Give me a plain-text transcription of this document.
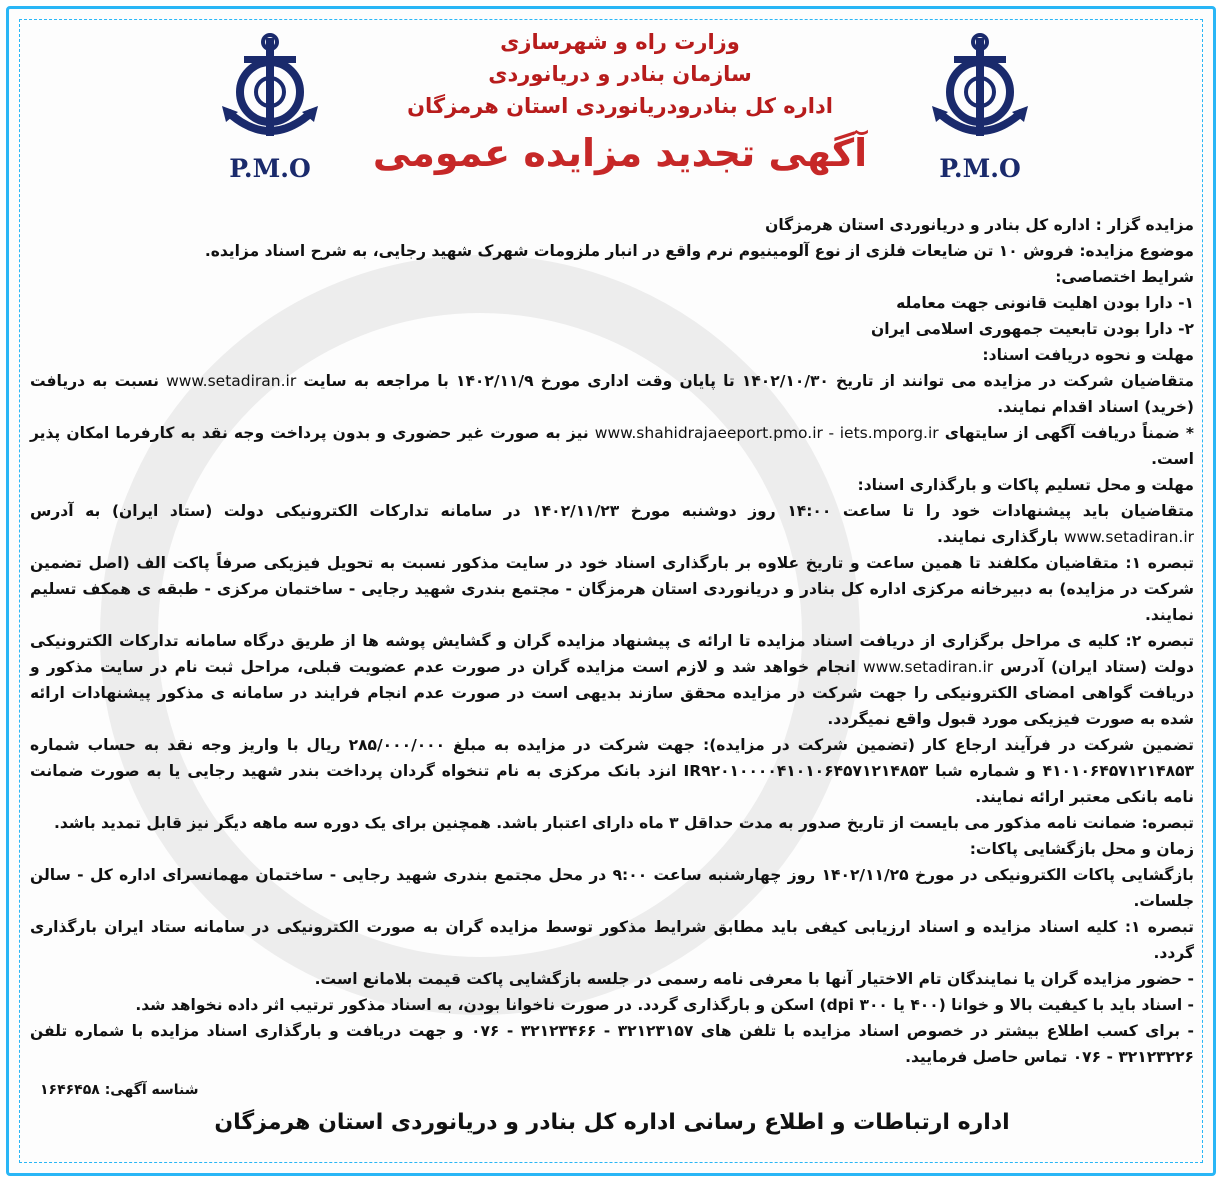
P.M.O	P.M.O
وزارت راه و شهرسازی
سازمان بنادر و دریانوردی
اداره کل بنادرودریانوردی استان هرمزگان
آگهی تجدید مزایده عمومی

مزایده گزار : اداره کل بنادر و دریانوردی استان هرمزگان

موضوع مزایده: فروش ۱۰ تن ضایعات فلزی از نوع آلومینیوم نرم واقع در انبار ملزومات شهرک شهید رجایی، به شرح اسناد مزایده.

شرایط اختصاصی:

۱- دارا بودن اهلیت قانونی جهت معامله

۲- دارا بودن تابعیت جمهوری اسلامی ایران

مهلت و نحوه دریافت اسناد:

متقاضیان شرکت در مزایده می توانند از تاریخ ۱۴۰۲/۱۰/۳۰ تا پایان وقت اداری مورخ ۱۴۰۲/۱۱/۹ با مراجعه به سایت www.setadiran.ir نسبت به دریافت (خرید) اسناد اقدام نمایند.

* ضمناً دریافت آگهی از سایتهای www.shahidrajaeeport.pmo.ir - iets.mporg.ir نیز به صورت غیر حضوری و بدون پرداخت وجه نقد به کارفرما امکان پذیر است.

مهلت و محل تسلیم پاکات و بارگذاری اسناد:

متقاضیان باید پیشنهادات خود را تا ساعت ۱۴:۰۰ روز دوشنبه مورخ ۱۴۰۲/۱۱/۲۳ در سامانه تدارکات الکترونیکی دولت (ستاد ایران) به آدرس www.setadiran.ir بارگذاری نمایند.

تبصره ۱: متقاضیان مکلفند تا همین ساعت و تاریخ علاوه بر بارگذاری اسناد خود در سایت مذکور نسبت به تحویل فیزیکی صرفاً پاکت الف (اصل تضمین شرکت در مزایده) به دبیرخانه مرکزی اداره کل بنادر و دریانوردی استان هرمزگان - مجتمع بندری شهید رجایی - ساختمان مرکزی - طبقه ی همکف تسلیم نمایند.

تبصره ۲: کلیه ی مراحل برگزاری از دریافت اسناد مزایده تا ارائه ی پیشنهاد مزایده گران و گشایش پوشه ها از طریق درگاه سامانه تدارکات الکترونیکی دولت (ستاد ایران) آدرس www.setadiran.ir انجام خواهد شد و لازم است مزایده گران در صورت عدم عضویت قبلی، مراحل ثبت نام در سایت مذکور و دریافت گواهی امضای الکترونیکی را جهت شرکت در مزایده محقق سازند بدیهی است در صورت عدم انجام فرایند در سامانه ی مذکور پیشنهادات ارائه شده به صورت فیزیکی مورد قبول واقع نمیگردد.

تضمین شرکت در فرآیند ارجاع کار (تضمین شرکت در مزایده): جهت شرکت در مزایده به مبلغ ۲۸۵/۰۰۰/۰۰۰ ریال با واریز وجه نقد به حساب شماره ۴۱۰۱۰۶۴۵۷۱۲۱۴۸۵۳ و شماره شبا IR۹۲۰۱۰۰۰۰۴۱۰۱۰۶۴۵۷۱۲۱۴۸۵۳ انزد بانک مرکزی به نام تنخواه گردان پرداخت بندر شهید رجایی یا به صورت ضمانت نامه بانکی معتبر ارائه نمایند.

تبصره: ضمانت نامه مذکور می بایست از تاریخ صدور به مدت حداقل ۳ ماه دارای اعتبار باشد. همچنین برای یک دوره سه ماهه دیگر نیز قابل تمدید باشد.

زمان و محل بازگشایی پاکات:

بازگشایی پاکات الکترونیکی در مورخ ۱۴۰۲/۱۱/۲۵ روز چهارشنبه ساعت ۹:۰۰ در محل مجتمع بندری شهید رجایی - ساختمان مهمانسرای اداره کل - سالن جلسات.

تبصره ۱: کلیه اسناد مزایده و اسناد ارزیابی کیفی باید مطابق شرایط مذکور توسط مزایده گران به صورت الکترونیکی در سامانه ستاد ایران بارگذاری گردد.

- حضور مزایده گران یا نمایندگان تام الاختیار آنها با معرفی نامه رسمی در جلسه بازگشایی پاکت قیمت بلامانع است.

- اسناد باید با کیفیت بالا و خوانا (۴۰۰ یا ۳۰۰ dpi) اسکن و بارگذاری گردد. در صورت ناخوانا بودن، به اسناد مذکور ترتیب اثر داده نخواهد شد.

- برای کسب اطلاع بیشتر در خصوص اسناد مزایده با تلفن های ۳۲۱۲۳۱۵۷ - ۳۲۱۲۳۴۶۶ - ۰۷۶ و جهت دریافت و بارگذاری اسناد مزایده با شماره تلفن ۳۲۱۲۳۲۲۶ - ۰۷۶ تماس حاصل فرمایید.

شناسه آگهی: ۱۶۴۶۴۵۸
اداره ارتباطات و اطلاع رسانی اداره کل بنادر و دریانوردی استان هرمزگان
